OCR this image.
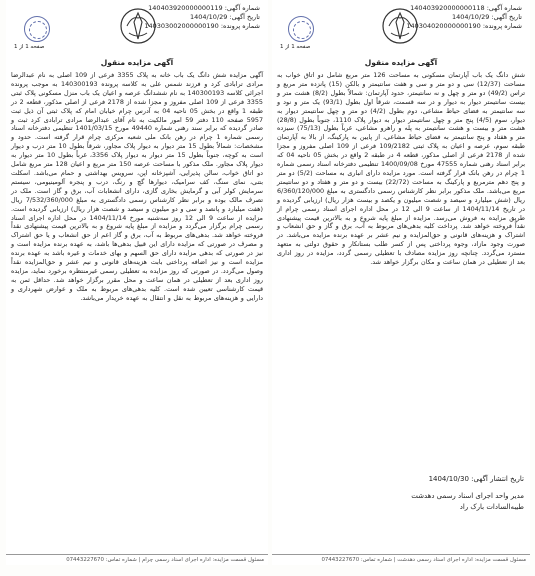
شماره آگهی: 140403920000000119
تاریخ آگهی: 1404/10/29
شماره پرونده: 140303002000000190
صفحه 1 از 1
آگهی مزایده منقول
آگهی مزایده شش دانگ یک باب خانه به پلاک 3355 فرعی از 109 اصلی به نام عبدالرضا مرادی ترابادی کرد و فرزند شمس علی به کلاسه پرونده 140300193 به موجب پرونده اجرائی کلاسه 140300193 به نام ششدانگ عرصه و اعیان یک باب منزل مسکونی پلاک ثبتی 3355 فرعی از 109 اصلی مفروز و مجزا شده از 2178 فرعی از اصلی مذکور، قطعه 2 در طبقه 1 واقع در بخش 05 ناحیه 04 به آدرس چرام خیابان امام که پلاک ثبتی آن ذیل ثبت 5957 صفحه 110 دفتر 59 امور مالکیت به نام آقای عبدالرضا مرادی ترابادی کرد ثبت و صادر گردیده که برابر سند رهنی شماره 49440 مورخ 1401/03/15 تنظیمی دفترخانه اسناد رسمی شماره 1 چرام در رهن بانک ملی شعبه مرکزی چرام قرار گرفته است. حدود و مشخصات: شمالاً بطول 15 متر دیوار به دیوار پلاک مجاور، شرقاً بطول 10 متر درب و دیوار است به کوچه، جنوباً بطول 15 متر دیوار به دیوار پلاک 3356، غرباً بطول 10 متر دیوار به دیوار پلاک مجاور. ملک مذکور با مساحت عرصه 150 متر مربع و اعیان 128 متر مربع شامل دو اتاق خواب، سالن پذیرایی، آشپزخانه اپن، سرویس بهداشتی و حمام می‌باشد. اسکلت بتنی، نمای سنگ، کف سرامیک، دیوارها گچ و رنگ، درب و پنجره آلومینیومی، سیستم سرمایش کولر آبی و گرمایش بخاری گازی، دارای انشعابات آب، برق و گاز است. ملک در تصرف مالک بوده و برابر نظر کارشناس رسمی دادگستری به مبلغ 7/532/360/000 ریال (هفت میلیارد و پانصد و سی و دو میلیون و سیصد و شصت هزار ریال) ارزیابی گردیده است. مزایده از ساعت 9 الی 12 روز سه‌شنبه مورخ 1404/11/14 در محل اداره اجرای اسناد رسمی چرام برگزار می‌گردد و مزایده از مبلغ پایه شروع و به بالاترین قیمت پیشنهادی نقداً فروخته خواهد شد. بدهی‌های مربوط به آب، برق و گاز اعم از حق انشعاب و یا حق اشتراک و مصرف در صورتی که مزایده دارای این قبیل بدهی‌ها باشد، به عهده برنده مزایده است و نیز در صورتی که بدهی مزایده دارای حق السهم و بهای خدمات و غیره باشد به عهده برنده مزایده است و نیز اضافه پرداختی بابت هزینه‌های قانونی و نیم عشر و حق‌المزایده نقداً وصول می‌گردد. در صورتی که روز مزایده به تعطیلی رسمی غیرمنتظره برخورد نماید، مزایده روز اداری بعد از تعطیلی در همان ساعت و محل مقرر برگزار خواهد شد. حداقل ثمن به قیمت کارشناسی تعیین شده است. کلیه بدهی‌های مربوط به ملک و عوارض شهرداری و دارایی و هزینه‌های مربوط به نقل و انتقال به عهده خریدار می‌باشد.
مسئول قسمت مزایده: اداره اجرای اسناد رسمی چرام | شماره تماس: 07443227670
شماره آگهی: 140403920000000118
تاریخ آگهی: 1404/10/29
شماره پرونده: 140304020000000190
صفحه 1 از 1
آگهی مزایده منقول
شش دانگ یک باب آپارتمان مسکونی به مساحت 126 متر مربع شامل دو اتاق خواب به مساحت (12/37) سی و دو متر و سی و هفت سانتیمتر و بالکن (15) پانزده متر مربع و تراس (49/2) دو متر و چهل و نه سانتیمتر، حدود آپارتمان: شمالاً بطول (8/2) هشت متر و بیست سانتیمتر دیوار به دیوار و در سه قسمت، شرقاً اول بطول (93/1) یک متر و نود و سه سانتیمتر به فضای حیاط مشاعی، دوم بطول (4/2) دو متر و چهل سانتیمتر دیوار به دیوار، سوم (4/5) پنج متر و چهل سانتیمتر دیوار به دیوار پلاک 1110، جنوباً بطول (28/8) هشت متر و بیست و هشت سانتیمتر به پله و راهرو مشاعی، غرباً بطول (75/13) سیزده متر و هفتاد و پنج سانتیمتر به فضای حیاط مشاعی، از پایین به پارکینگ، از بالا به آپارتمان طبقه سوم، عرصه و اعیان به پلاک ثبتی 109/2182 فرعی از 109 اصلی مفروز و مجزا شده از 2178 فرعی از اصلی مذکور، قطعه 4 در طبقه 2 واقع در بخش 05 ناحیه 04 که برابر اسناد رهنی شماره 47555 مورخ 1400/09/08 تنظیمی دفترخانه اسناد رسمی شماره 1 چرام در رهن بانک قرار گرفته است. مورد مزایده دارای انباری به مساحت (5/2) دو متر و پنج دهم مترمربع و پارکینگ به مساحت (22/72) بیست و دو متر و هفتاد و دو سانتیمتر مربع می‌باشد. ملک مذکور برابر نظر کارشناس رسمی دادگستری به مبلغ 6/360/120/000 ریال (شش میلیارد و سیصد و شصت میلیون و یکصد و بیست هزار ریال) ارزیابی گردیده و در تاریخ 1404/11/14 از ساعت 9 الی 12 در محل اداره اجرای اسناد رسمی چرام از طریق مزایده به فروش می‌رسد. مزایده از مبلغ پایه شروع و به بالاترین قیمت پیشنهادی نقداً فروخته خواهد شد. پرداخت کلیه بدهی‌های مربوط به آب، برق و گاز و حق انشعاب و اشتراک و هزینه‌های قانونی و حق‌المزایده و نیم عشر بر عهده برنده مزایده می‌باشد. در صورت وجود مازاد، وجوه پرداختی پس از کسر طلب بستانکار و حقوق دولتی به متعهد مسترد می‌گردد. چنانچه روز مزایده مصادف با تعطیلی رسمی گردد، مزایده در روز اداری بعد از تعطیلی در همان ساعت و مکان برگزار خواهد شد.
تاریخ انتشار آگهی: 1404/10/30
مدیر واحد اجرای اسناد رسمی دهدشت
طیبه‌السادات بارک راد
مسئول قسمت مزایده: اداره اجرای اسناد رسمی دهدشت | شماره تماس: 07443227670
